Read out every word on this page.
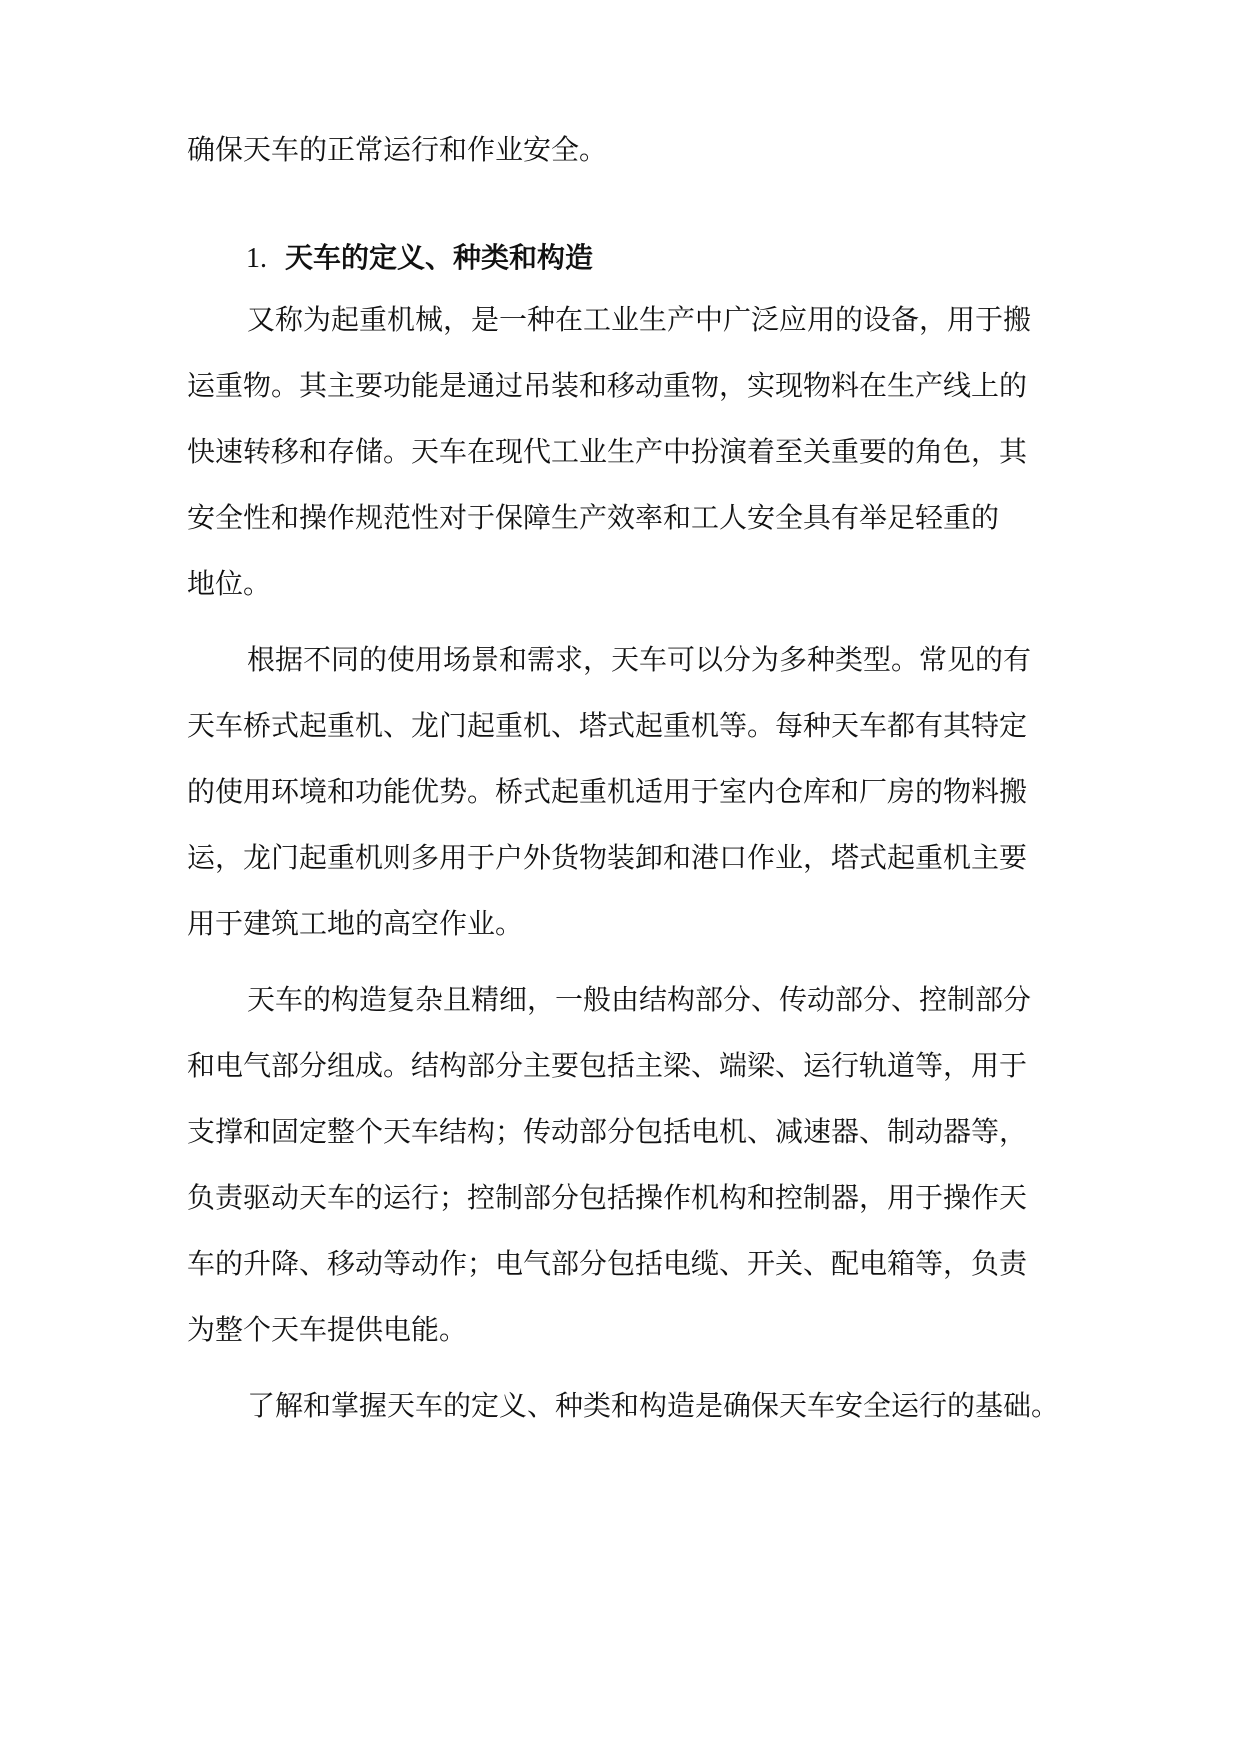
确保天车的正常运行和作业安全。
1. 天车的定义、种类和构造
又称为起重机械，是一种在工业生产中广泛应用的设备，用于搬
运重物。其主要功能是通过吊装和移动重物，实现物料在生产线上的
快速转移和存储。天车在现代工业生产中扮演着至关重要的角色，其
安全性和操作规范性对于保障生产效率和工人安全具有举足轻重的
地位。
根据不同的使用场景和需求，天车可以分为多种类型。常见的有
天车桥式起重机、龙门起重机、塔式起重机等。每种天车都有其特定
的使用环境和功能优势。桥式起重机适用于室内仓库和厂房的物料搬
运，龙门起重机则多用于户外货物装卸和港口作业，塔式起重机主要
用于建筑工地的高空作业。
天车的构造复杂且精细，一般由结构部分、传动部分、控制部分
和电气部分组成。结构部分主要包括主梁、端梁、运行轨道等，用于
支撑和固定整个天车结构；传动部分包括电机、减速器、制动器等，
负责驱动天车的运行；控制部分包括操作机构和控制器，用于操作天
车的升降、移动等动作；电气部分包括电缆、开关、配电箱等，负责
为整个天车提供电能。
了解和掌握天车的定义、种类和构造是确保天车安全运行的基础。
